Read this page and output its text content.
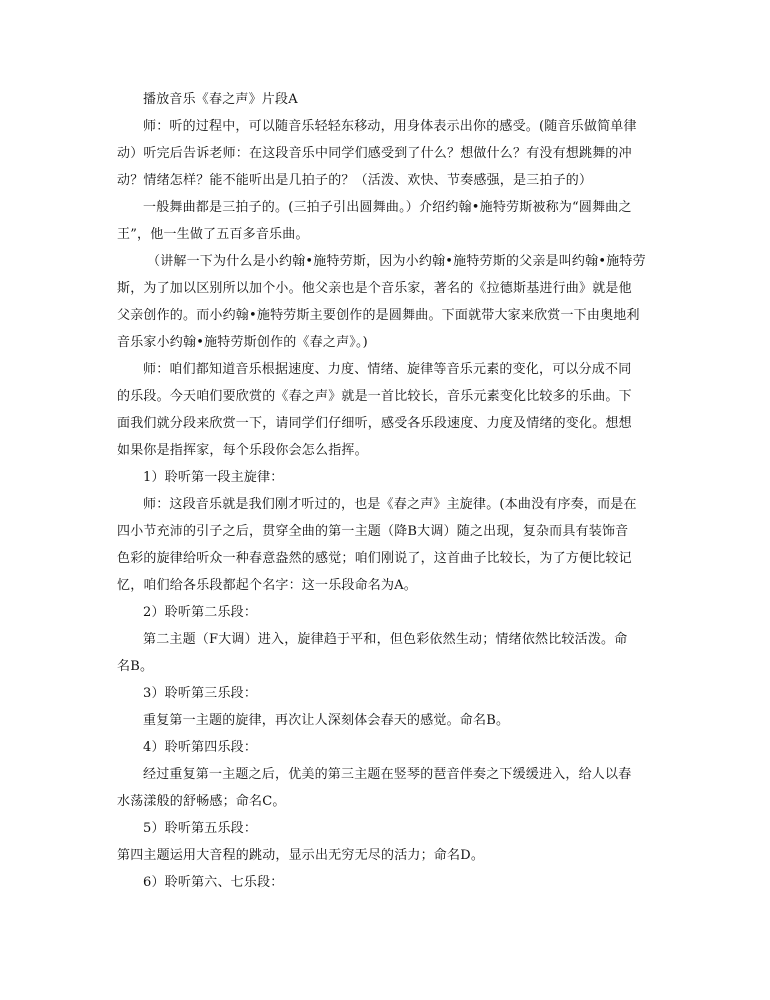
播放音乐《春之声》片段A
师：听的过程中，可以随音乐轻轻东移动，用身体表示出你的感受。(随音乐做简单律
动）听完后告诉老师：在这段音乐中同学们感受到了什么？想做什么？有没有想跳舞的冲
动？情绪怎样？能不能听出是几拍子的？（活泼、欢快、节奏感强，是三拍子的）
一般舞曲都是三拍子的。(三拍子引出圆舞曲。）介绍约翰•施特劳斯被称为“圆舞曲之
王”，他一生做了五百多音乐曲。
（讲解一下为什么是小约翰•施特劳斯，因为小约翰•施特劳斯的父亲是叫约翰•施特劳
斯，为了加以区别所以加个小。他父亲也是个音乐家，著名的《拉德斯基进行曲》就是他
父亲创作的。而小约翰•施特劳斯主要创作的是圆舞曲。下面就带大家来欣赏一下由奥地利
音乐家小约翰•施特劳斯创作的《春之声》。)
师：咱们都知道音乐根据速度、力度、情绪、旋律等音乐元素的变化，可以分成不同
的乐段。今天咱们要欣赏的《春之声》就是一首比较长，音乐元素变化比较多的乐曲。下
面我们就分段来欣赏一下，请同学们仔细听，感受各乐段速度、力度及情绪的变化。想想
如果你是指挥家，每个乐段你会怎么指挥。
1）聆听第一段主旋律：
师：这段音乐就是我们刚才听过的，也是《春之声》主旋律。(本曲没有序奏，而是在
四小节充沛的引子之后，贯穿全曲的第一主题（降B大调）随之出现，复杂而具有装饰音
色彩的旋律给听众一种春意盎然的感觉；咱们刚说了，这首曲子比较长，为了方便比较记
忆，咱们给各乐段都起个名字：这一乐段命名为A。
2）聆听第二乐段：
第二主题（F大调）进入，旋律趋于平和，但色彩依然生动；情绪依然比较活泼。命
名B。
3）聆听第三乐段：
重复第一主题的旋律，再次让人深刻体会春天的感觉。命名B。
4）聆听第四乐段：
经过重复第一主题之后，优美的第三主题在竖琴的琶音伴奏之下缓缓进入，给人以春
水荡漾般的舒畅感；命名C。
5）聆听第五乐段：
第四主题运用大音程的跳动，显示出无穷无尽的活力；命名D。
6）聆听第六、七乐段：
